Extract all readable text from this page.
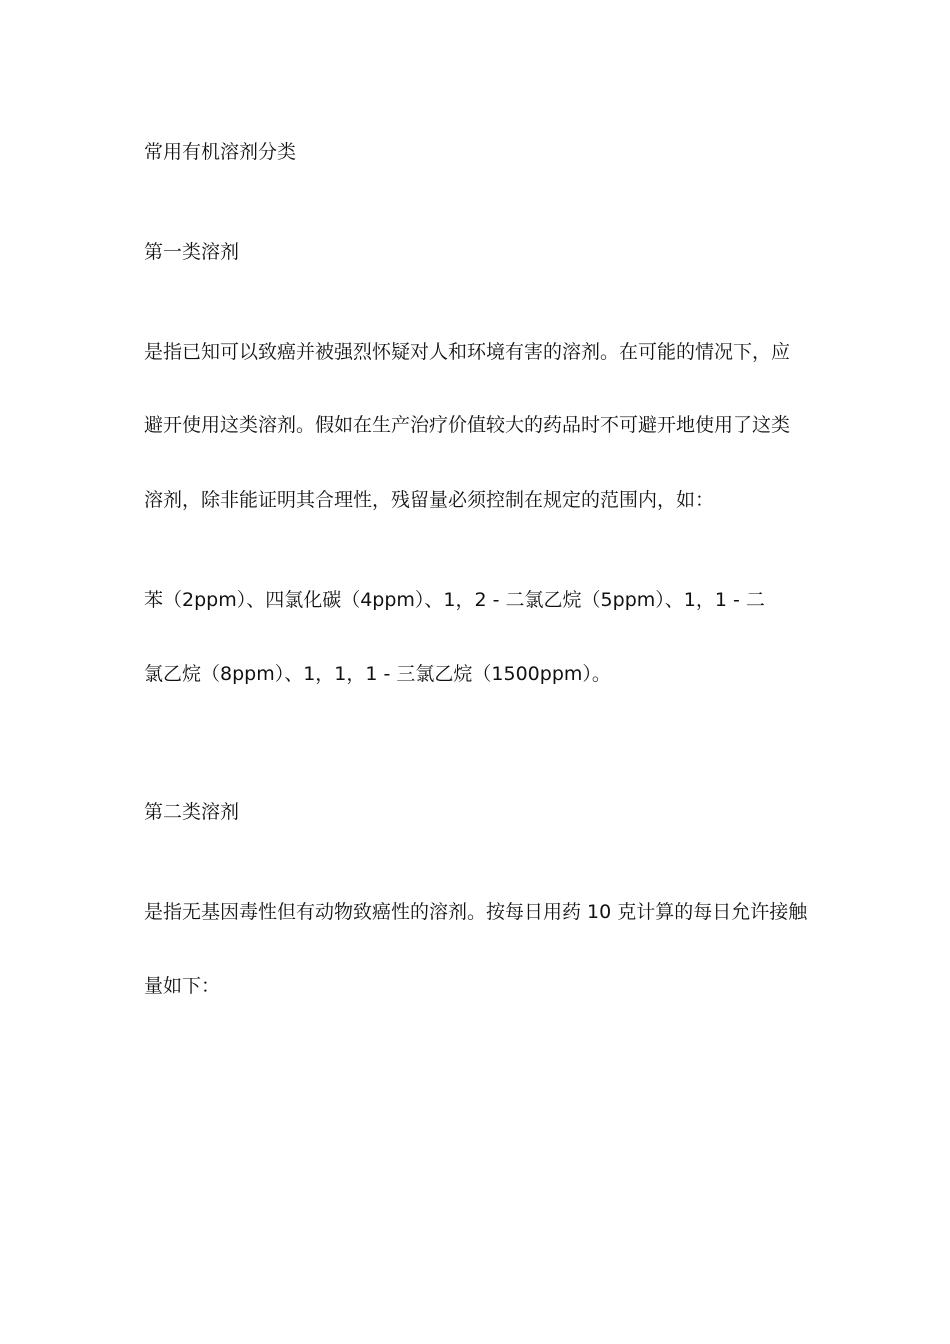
常用有机溶剂分类
第一类溶剂
是指已知可以致癌并被强烈怀疑对人和环境有害的溶剂。在可能的情况下，应
避开使用这类溶剂。假如在生产治疗价值较大的药品时不可避开地使用了这类
溶剂，除非能证明其合理性，残留量必须控制在规定的范围内，如：
苯（2ppm）、四氯化碳（4ppm）、1，2 - 二氯乙烷（5ppm）、1，1 - 二
氯乙烷（8ppm）、1，1，1 - 三氯乙烷（1500ppm）。
第二类溶剂
是指无基因毒性但有动物致癌性的溶剂。按每日用药 10 克计算的每日允许接触
量如下：
